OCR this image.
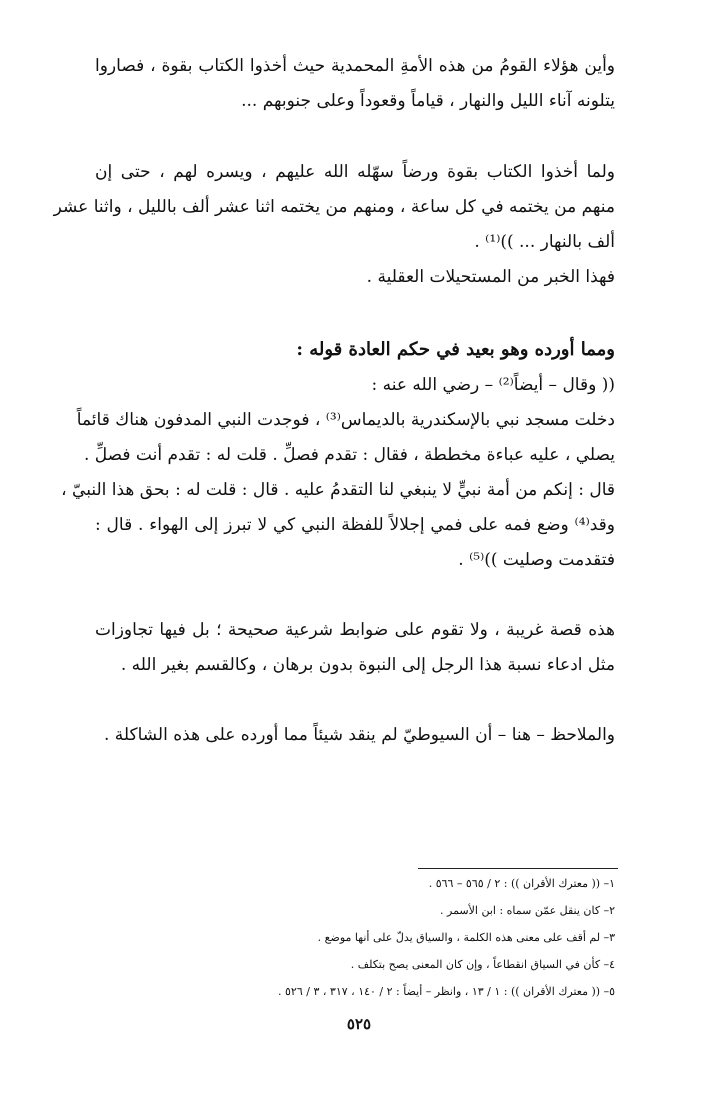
وأين هؤلاء القومُ من هذه الأمةِ المحمدية حيث أخذوا الكتاب بقوة ، فصاروا
يتلونه آناء الليل والنهار ، قياماً وقعوداً وعلى جنوبهم ...
ولما أخذوا الكتاب بقوة ورضاً سهّله الله عليهم ، ويسره لهم ، حتى إن
منهم من يختمه في كل ساعة ، ومنهم من يختمه اثنا عشر ألف بالليل ، واثنا عشر
ألف بالنهار ... ))⁽¹⁾ .
فهذا الخبر من المستحيلات العقلية .
ومما أورده وهو بعيد في حكم العادة قوله :
(( وقال – أيضاً⁽²⁾ – رضي الله عنه :
دخلت مسجد نبي بالإسكندرية بالديماس⁽³⁾ ، فوجدت النبي المدفون هناك قائماً
يصلي ، عليه عباءة مخططة ، فقال : تقدم فصلِّ . قلت له : تقدم أنت فصلِّ .
قال : إنكم من أمة نبيٍّ لا ينبغي لنا التقدمُ عليه . قال : قلت له : بحق هذا النبيّ ،
وقد⁽⁴⁾ وضع فمه على فمي إجلالاً للفظة النبي كي لا تبرز إلى الهواء . قال :
فتقدمت وصليت ))⁽⁵⁾ .
هذه قصة غريبة ، ولا تقوم على ضوابط شرعية صحيحة ؛ بل فيها تجاوزات
مثل ادعاء نسبة هذا الرجل إلى النبوة بدون برهان ، وكالقسم بغير الله .
والملاحظ – هنا – أن السيوطيّ لم ينقد شيئاً مما أورده على هذه الشاكلة .
١– (( معترك الأقران )) : ٢ / ٥٦٥ – ٥٦٦ .
٢– كان ينقل عمّن سماه : ابن الأسمر .
٣– لم أقف على معنى هذه الكلمة ، والسياق يدلّ على أنها موضع .
٤– كأن في السياق انقطاعاً ، وإن كان المعنى يصح بتكلف .
٥– (( معترك الأقران )) : ١ / ١٣ ، وانظر – أيضاً : ٢ / ١٤٠ ، ٣١٧ ، ٣ / ٥٢٦ .
٥٢٥
